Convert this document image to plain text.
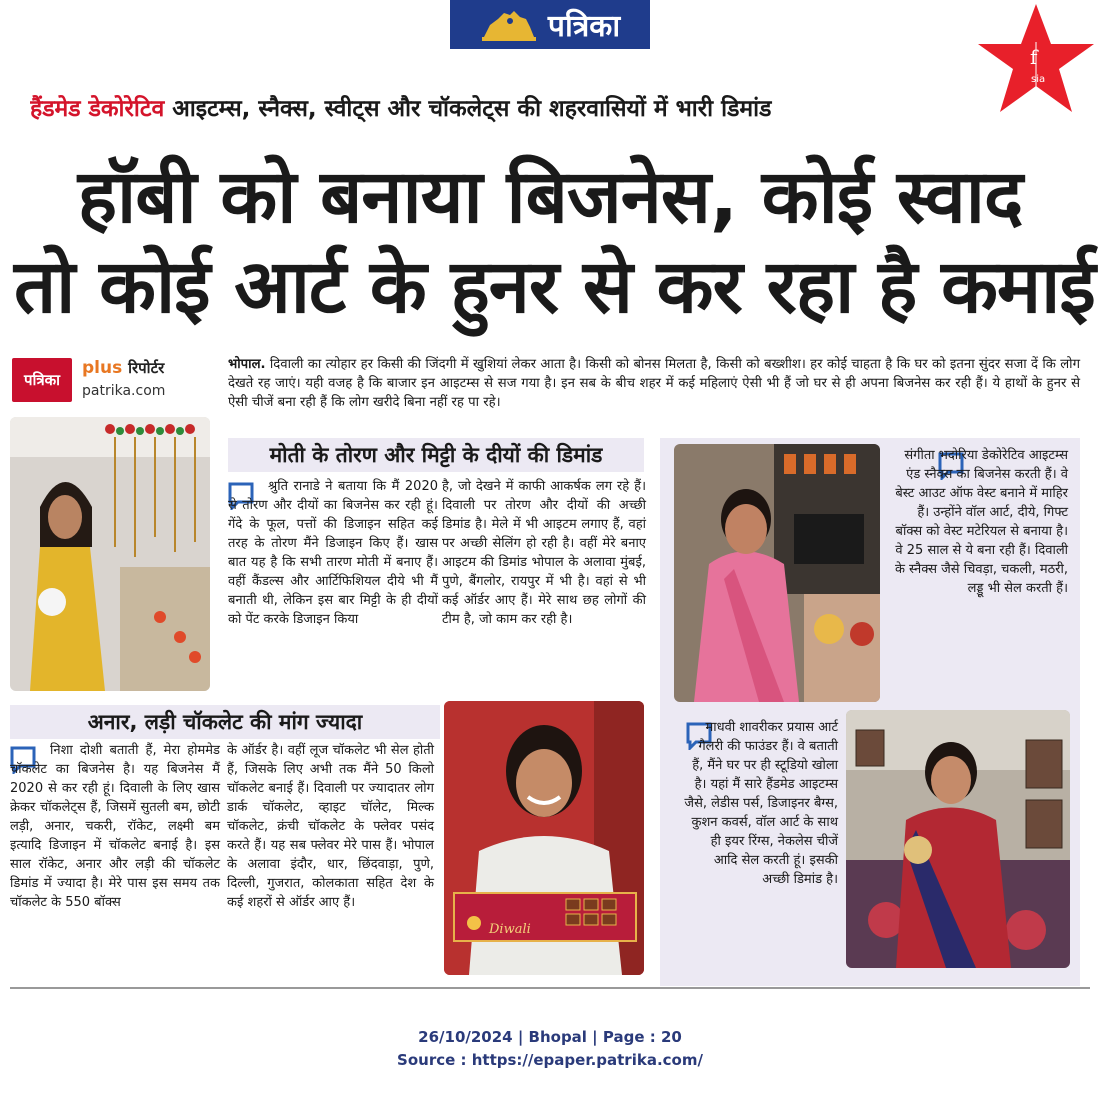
पत्रिका
f
sia
हैंडमेड डेकोरेटिव आइटम्स, स्नैक्स, स्वीट्स और चॉकलेट्स की शहरवासियों में भारी डिमांड
हॉबी को बनाया बिजनेस, कोई स्वाद
तो कोई आर्ट के हुनर से कर रहा है कमाई
पत्रिका
plus रिपोर्टर
patrika.com
भोपाल. दिवाली का त्योहार हर किसी की जिंदगी में खुशियां लेकर आता है। किसी को बोनस मिलता है, किसी को बख्शीश। हर कोई चाहता है कि घर को इतना सुंदर सजा दें कि लोग देखते रह जाएं। यही वजह है कि बाजार इन आइटम्स से सज गया है। इन सब के बीच शहर में कई महिलाएं ऐसी भी हैं जो घर से ही अपना बिजनेस कर रही हैं। ये हाथों के हुनर से ऐसी चीजें बना रही हैं कि लोग खरीदे बिना नहीं रह पा रहे।
मोती के तोरण और मिट्टी के दीयों की डिमांड
श्रुति रानाडे ने बताया कि मैं 2020 से तोरण और दीयों का बिजनेस कर रही हूं। गेंदे के फूल, पत्तों की डिजाइन सहित कई तरह के तोरण मैंने डिजाइन किए हैं। खास बात यह है कि सभी तारण मोती में बनाए हैं। वहीं कैंडल्स और आर्टिफिशियल दीये भी मैं बनाती थी, लेकिन इस बार मिट्टी के ही दीयों को पेंट करके डिजाइन किया
है, जो देखने में काफी आकर्षक लग रहे हैं। दिवाली पर तोरण और दीयों की अच्छी डिमांड है। मेले में भी आइटम लगाए हैं, वहां पर अच्छी सेलिंग हो रही है। वहीं मेरे बनाए आइटम की डिमांड भोपाल के अलावा मुंबई, पुणे, बैंगलोर, रायपुर में भी है। वहां से भी कई ऑर्डर आए हैं। मेरे साथ छह लोगों की टीम है, जो काम कर रही है।
अनार, लड़ी चॉकलेट की मांग ज्यादा
निशा दोशी बताती हैं, मेरा होममेड चॉकलेट का बिजनेस है। यह बिजनेस मैं 2020 से कर रही हूं। दिवाली के लिए खास क्रेकर चॉकलेट्स हैं, जिसमें सुतली बम, छोटी लड़ी, अनार, चकरी, रॉकेट, लक्ष्मी बम इत्यादि डिजाइन में चॉकलेट बनाई है। इस साल रॉकेट, अनार और लड़ी की चॉकलेट डिमांड में ज्यादा है। मेरे पास इस समय तक चॉकलेट के 550 बॉक्स
के ऑर्डर है। वहीं लूज चॉकलेट भी सेल होती हैं, जिसके लिए अभी तक मैंने 50 किलो चॉकलेट बनाई हैं। दिवाली पर ज्यादातर लोग डार्क चॉकलेट, व्हाइट चॉलेट, मिल्क चॉकलेट, क्रंची चॉकलेट के फ्लेवर पसंद करते हैं। यह सब फ्लेवर मेरे पास हैं। भोपाल के अलावा इंदौर, धार, छिंदवाड़ा, पुणे, दिल्ली, गुजरात, कोलकाता सहित देश के कई शहरों से ऑर्डर आए हैं।
Diwali
संगीता भदोरिया डेकोरेटिव आइटम्स एंड स्नैक्स का बिजनेस करती हैं। वे बेस्ट आउट ऑफ वेस्ट बनाने में माहिर हैं। उन्होंने वॉल आर्ट, दीये, गिफ्ट बॉक्स को वेस्ट मटेरियल से बनाया है। वे 25 साल से ये बना रही हैं। दिवाली के स्नैक्स जैसे चिवड़ा, चकली, मठरी, लड्डू भी सेल करती हैं।
माधवी शावरीकर प्रयास आर्ट गैलरी की फाउंडर हैं। वे बताती हैं, मैंने घर पर ही स्टूडियो खोला है। यहां मैं सारे हैंडमेड आइटम्स जैसे, लेडीस पर्स, डिजाइनर बैग्स, कुशन कवर्स, वॉल आर्ट के साथ ही इयर रिंग्स, नेकलेस चीजें आदि सेल करती हूं। इसकी अच्छी डिमांड है।
26/10/2024 | Bhopal | Page : 20
Source : https://epaper.patrika.com/
